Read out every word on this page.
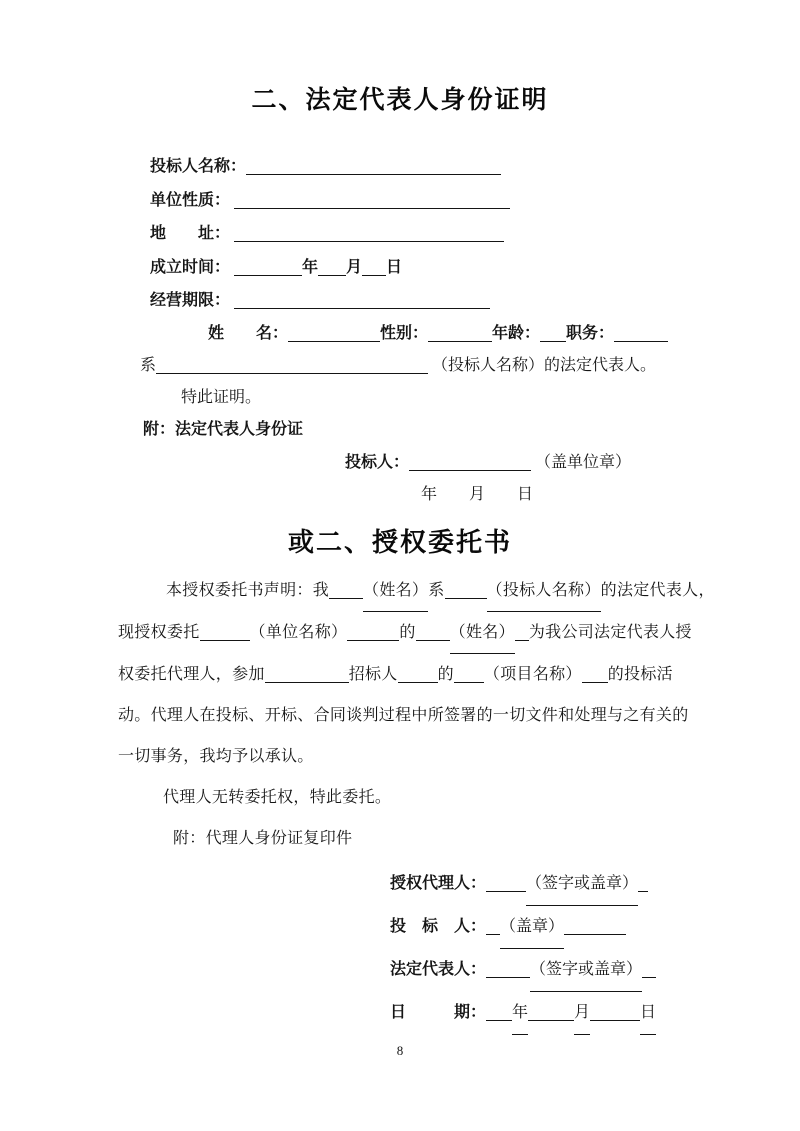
二、法定代表人身份证明
投标人名称：
单位性质：
地　　址：
成立时间：	年 月 日
经营期限：
姓　　名：	性别：	年龄： 职务：
系	（投标人名称）的法定代表人。
特此证明。
附：法定代表人身份证
投标人：	（盖单位章）
年　　月　　日
或二、授权委托书
本授权委托书声明：我 （姓名）系	（投标人名称）的法定代表人，
现授权委托	（单位名称）	的 （姓名） 为我公司法定代表人授
权委托代理人，参加	招标人	的 （项目名称） 的投标活
动。代理人在投标、开标、合同谈判过程中所签署的一切文件和处理与之有关的
一切事务，我均予以承认。
代理人无转委托权，特此委托。
附：代理人身份证复印件
授权代理人：	（签字或盖章）
投　标　人： （盖章）
法定代表人：	（签字或盖章）
日　　　期： 年	月	日
8
